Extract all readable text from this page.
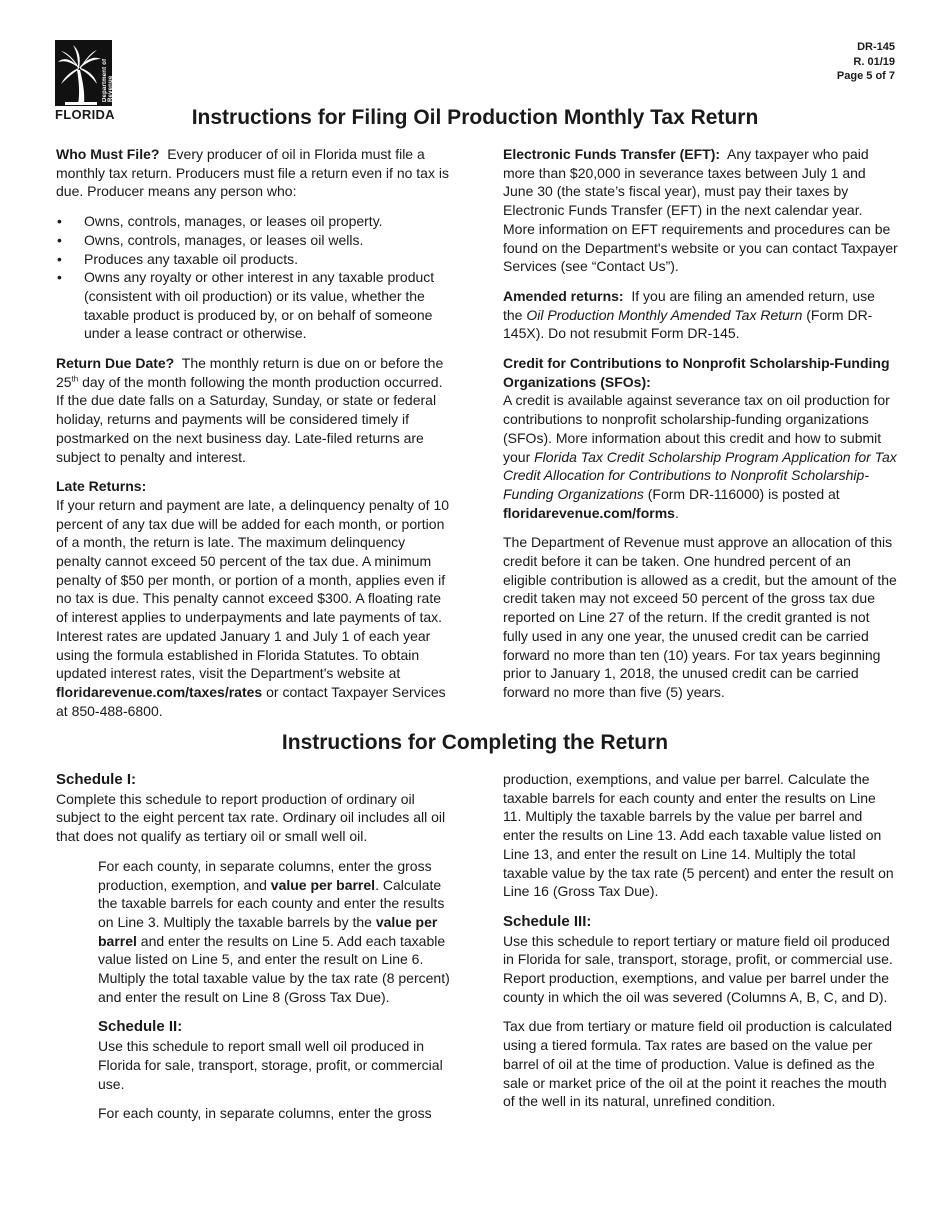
Department of Revenue
FLORIDA
DR-145
R. 01/19
Page 5 of 7
Instructions for Filing Oil Production Monthly Tax Return

Who Must File? Every producer of oil in Florida must file a monthly tax return. Producers must file a return even if no tax is due. Producer means any person who:

• Owns, controls, manages, or leases oil property.
• Owns, controls, manages, or leases oil wells.
• Produces any taxable oil products.
• Owns any royalty or other interest in any taxable product (consistent with oil production) or its value, whether the taxable product is produced by, or on behalf of someone under a lease contract or otherwise.

Return Due Date? The monthly return is due on or before the 25th day of the month following the month production occurred. If the due date falls on a Saturday, Sunday, or state or federal holiday, returns and payments will be considered timely if postmarked on the next business day. Late-filed returns are subject to penalty and interest.

Late Returns:
If your return and payment are late, a delinquency penalty of 10 percent of any tax due will be added for each month, or portion of a month, the return is late. The maximum delinquency penalty cannot exceed 50 percent of the tax due. A minimum penalty of $50 per month, or portion of a month, applies even if no tax is due. This penalty cannot exceed $300. A floating rate of interest applies to underpayments and late payments of tax. Interest rates are updated January 1 and July 1 of each year using the formula established in Florida Statutes. To obtain updated interest rates, visit the Department's website at floridarevenue.com/taxes/rates or contact Taxpayer Services at 850-488-6800.

Electronic Funds Transfer (EFT): Any taxpayer who paid more than $20,000 in severance taxes between July 1 and June 30 (the state’s fiscal year), must pay their taxes by Electronic Funds Transfer (EFT) in the next calendar year. More information on EFT requirements and procedures can be found on the Department's website or you can contact Taxpayer Services (see “Contact Us”).

Amended returns: If you are filing an amended return, use the Oil Production Monthly Amended Tax Return (Form DR-145X). Do not resubmit Form DR-145.

Credit for Contributions to Nonprofit Scholarship-Funding Organizations (SFOs):
A credit is available against severance tax on oil production for contributions to nonprofit scholarship-funding organizations (SFOs). More information about this credit and how to submit your Florida Tax Credit Scholarship Program Application for Tax Credit Allocation for Contributions to Nonprofit Scholarship-Funding Organizations (Form DR-116000) is posted at floridarevenue.com/forms.

The Department of Revenue must approve an allocation of this credit before it can be taken. One hundred percent of an eligible contribution is allowed as a credit, but the amount of the credit taken may not exceed 50 percent of the gross tax due reported on Line 27 of the return. If the credit granted is not fully used in any one year, the unused credit can be carried forward no more than ten (10) years. For tax years beginning prior to January 1, 2018, the unused credit can be carried forward no more than five (5) years.

Instructions for Completing the Return

Schedule I:
Complete this schedule to report production of ordinary oil subject to the eight percent tax rate. Ordinary oil includes all oil that does not qualify as tertiary oil or small well oil.

For each county, in separate columns, enter the gross production, exemption, and value per barrel. Calculate the taxable barrels for each county and enter the results on Line 3. Multiply the taxable barrels by the value per barrel and enter the results on Line 5. Add each taxable value listed on Line 5, and enter the result on Line 6. Multiply the total taxable value by the tax rate (8 percent) and enter the result on Line 8 (Gross Tax Due).

Schedule II:
Use this schedule to report small well oil produced in Florida for sale, transport, storage, profit, or commercial use.

For each county, in separate columns, enter the gross

production, exemptions, and value per barrel. Calculate the taxable barrels for each county and enter the results on Line 11. Multiply the taxable barrels by the value per barrel and enter the results on Line 13. Add each taxable value listed on Line 13, and enter the result on Line 14. Multiply the total taxable value by the tax rate (5 percent) and enter the result on Line 16 (Gross Tax Due).

Schedule III:
Use this schedule to report tertiary or mature field oil produced in Florida for sale, transport, storage, profit, or commercial use. Report production, exemptions, and value per barrel under the county in which the oil was severed (Columns A, B, C, and D).

Tax due from tertiary or mature field oil production is calculated using a tiered formula. Tax rates are based on the value per barrel of oil at the time of production. Value is defined as the sale or market price of the oil at the point it reaches the mouth of the well in its natural, unrefined condition.
